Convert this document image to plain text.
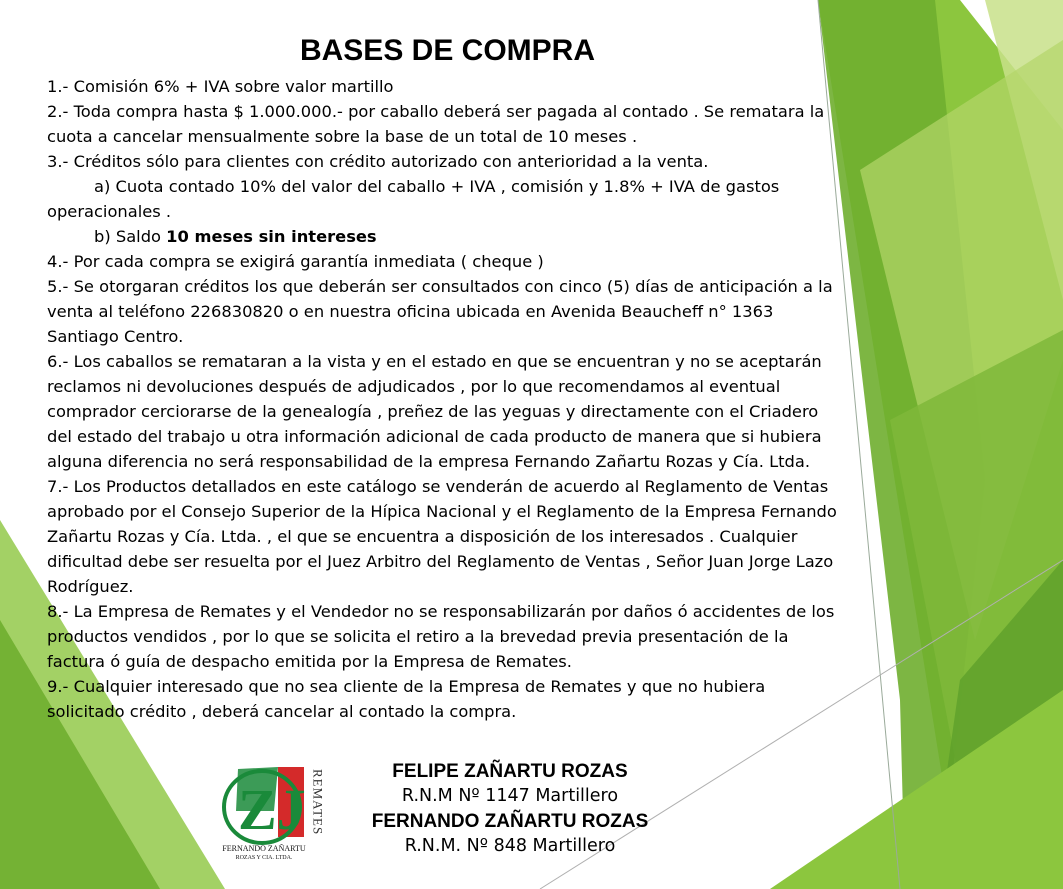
BASES DE COMPRA

1.- Comisión 6% + IVA sobre valor martillo

2.- Toda compra hasta $ 1.000.000.- por caballo deberá ser pagada al contado . Se rematara la cuota a cancelar mensualmente sobre la base de un total de 10 meses .

3.- Créditos sólo para clientes con crédito autorizado con anterioridad a la venta.

a) Cuota contado 10% del valor del caballo + IVA , comisión y 1.8% + IVA de gastos operacionales .

b) Saldo 10 meses sin intereses

4.- Por cada compra se exigirá garantía inmediata ( cheque )

5.- Se otorgaran créditos los que deberán ser consultados con cinco (5) días de anticipación a la venta al teléfono 226830820 o en nuestra oficina ubicada en Avenida Beaucheff n° 1363 Santiago Centro.

6.- Los caballos se remataran a la vista y en el estado en que se encuentran y no se aceptarán reclamos ni devoluciones después de adjudicados , por lo que recomendamos al eventual comprador cerciorarse de la genealogía , preñez de las yeguas y directamente con el Criadero del estado del trabajo u otra información adicional de cada producto de manera que si hubiera alguna diferencia no será responsabilidad de la empresa Fernando Zañartu Rozas y Cía. Ltda.

7.- Los Productos detallados en este catálogo se venderán de acuerdo al Reglamento de Ventas aprobado por el Consejo Superior de la Hípica Nacional y el Reglamento de la Empresa Fernando Zañartu Rozas y Cía. Ltda. , el que se encuentra a disposición de los interesados . Cualquier dificultad debe ser resuelta por el Juez Arbitro del Reglamento de Ventas , Señor Juan Jorge Lazo Rodríguez.

8.- La Empresa de Remates y el Vendedor no se responsabilizarán por daños ó accidentes de los productos vendidos , por lo que se solicita el retiro a la brevedad previa presentación de la factura ó guía de despacho emitida por la Empresa de Remates.

9.- Cualquier interesado que no sea cliente de la Empresa de Remates y que no hubiera solicitado crédito , deberá cancelar al contado la compra.

ZJ REMATES
FERNANDO ZAÑARTU
ROZAS Y CIA. LTDA.
FELIPE ZAÑARTU ROZAS
R.N.M Nº 1147 Martillero
FERNANDO ZAÑARTU ROZAS
R.N.M. Nº 848 Martillero
